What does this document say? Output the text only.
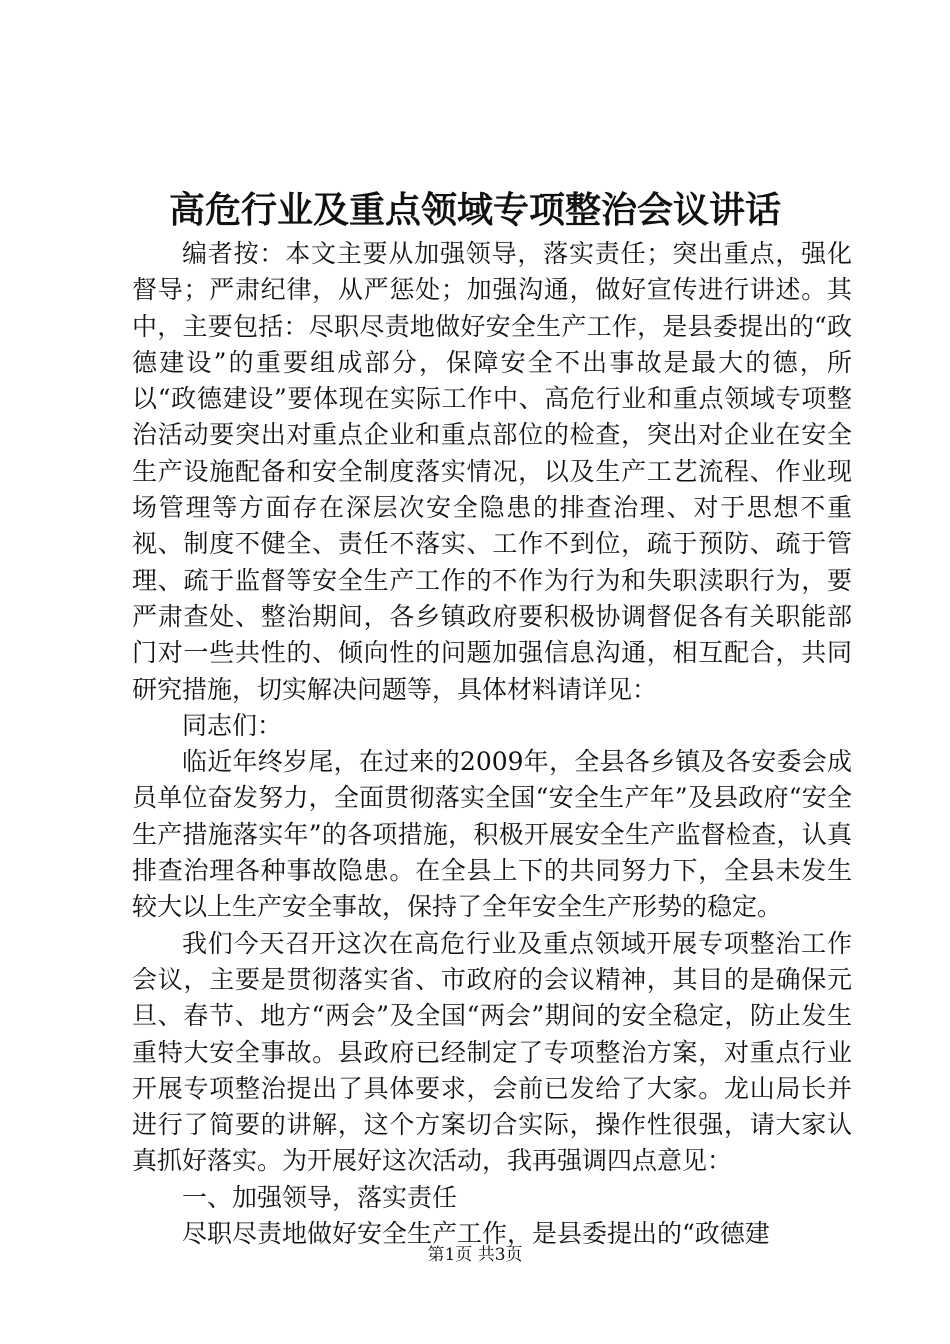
高危行业及重点领域专项整治会议讲话

编者按：本文主要从加强领导，落实责任；突出重点，强化督导；严肃纪律，从严惩处；加强沟通，做好宣传进行讲述。其中，主要包括：尽职尽责地做好安全生产工作，是县委提出的“政德建设”的重要组成部分，保障安全不出事故是最大的德，所以“政德建设”要体现在实际工作中、高危行业和重点领域专项整治活动要突出对重点企业和重点部位的检查，突出对企业在安全生产设施配备和安全制度落实情况，以及生产工艺流程、作业现场管理等方面存在深层次安全隐患的排查治理、对于思想不重视、制度不健全、责任不落实、工作不到位，疏于预防、疏于管理、疏于监督等安全生产工作的不作为行为和失职渎职行为，要严肃查处、整治期间，各乡镇政府要积极协调督促各有关职能部门对一些共性的、倾向性的问题加强信息沟通，相互配合，共同研究措施，切实解决问题等，具体材料请详见：

同志们：

临近年终岁尾，在过来的2009年，全县各乡镇及各安委会成员单位奋发努力，全面贯彻落实全国“安全生产年”及县政府“安全生产措施落实年”的各项措施，积极开展安全生产监督检查，认真排查治理各种事故隐患。在全县上下的共同努力下，全县未发生较大以上生产安全事故，保持了全年安全生产形势的稳定。

我们今天召开这次在高危行业及重点领域开展专项整治工作会议，主要是贯彻落实省、市政府的会议精神，其目的是确保元旦、春节、地方“两会”及全国“两会”期间的安全稳定，防止发生重特大安全事故。县政府已经制定了专项整治方案，对重点行业开展专项整治提出了具体要求，会前已发给了大家。龙山局长并进行了简要的讲解，这个方案切合实际，操作性很强，请大家认真抓好落实。为开展好这次活动，我再强调四点意见：

一、加强领导，落实责任

尽职尽责地做好安全生产工作，是县委提出的“政德建

第1页 共3页
